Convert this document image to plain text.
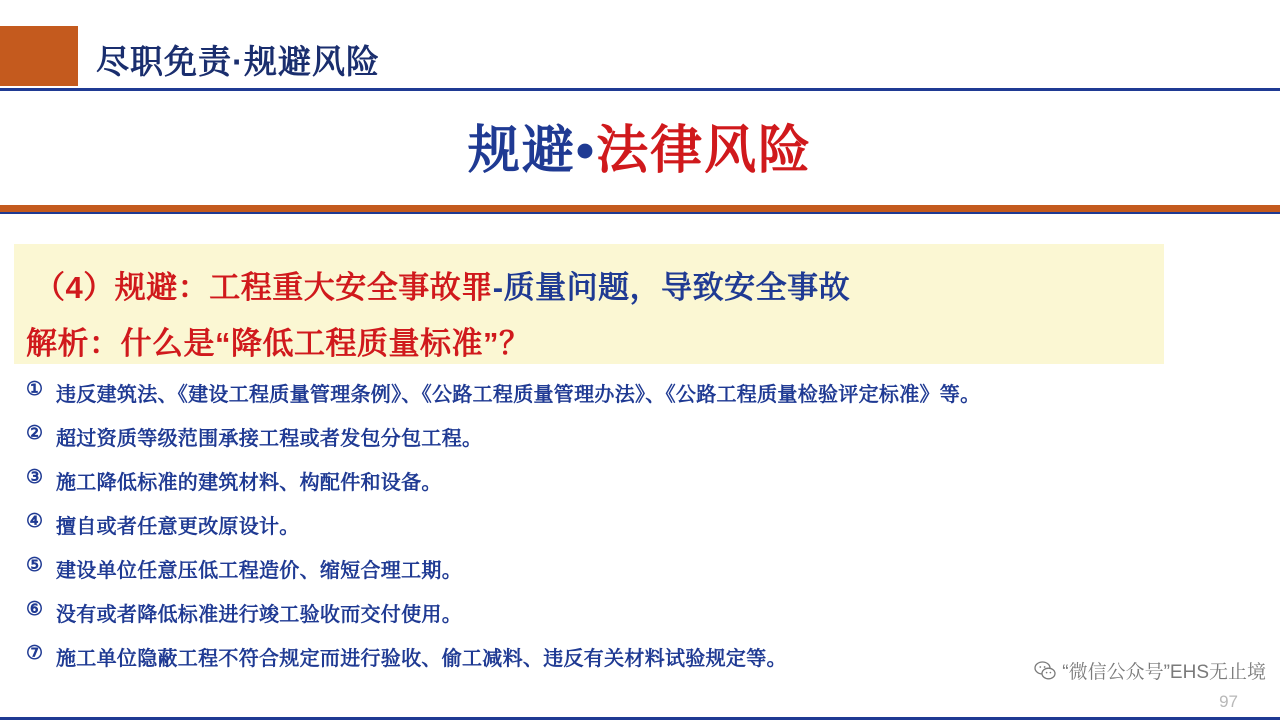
尽职免责·规避风险
规避•法律风险
（4）规避：工程重大安全事故罪-质量问题，导致安全事故
解析：什么是“降低工程质量标准”？
① 违反建筑法、《建设工程质量管理条例》、《公路工程质量管理办法》、《公路工程质量检验评定标准》等。
② 超过资质等级范围承接工程或者发包分包工程。
③ 施工降低标准的建筑材料、构配件和设备。
④ 擅自或者任意更改原设计。
⑤ 建设单位任意压低工程造价、缩短合理工期。
⑥ 没有或者降低标准进行竣工验收而交付使用。
⑦ 施工单位隐蔽工程不符合规定而进行验收、偷工减料、违反有关材料试验规定等。
“微信公众号”EHS无止境
97
